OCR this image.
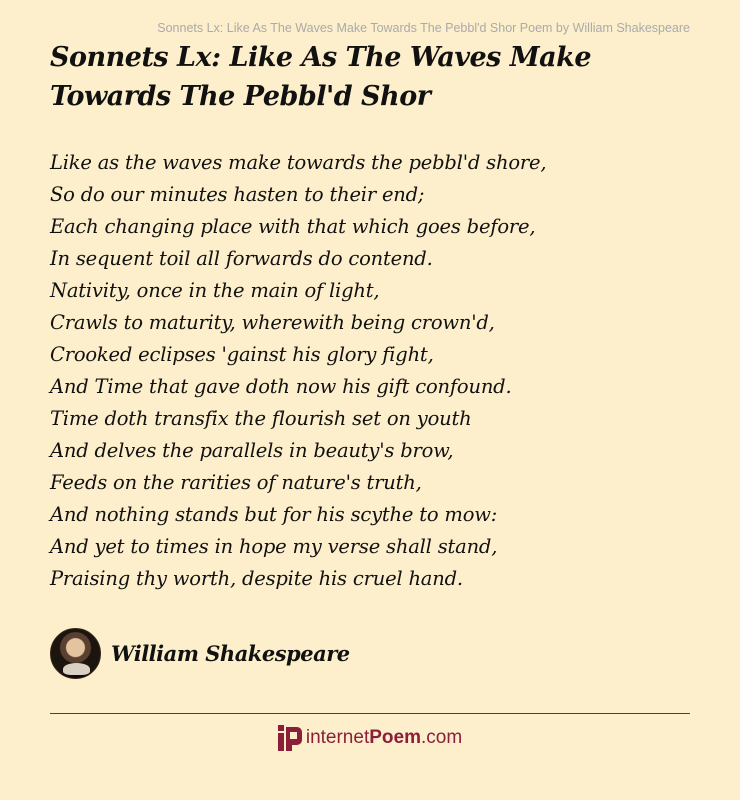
Sonnets Lx: Like As The Waves Make Towards The Pebbl'd Shor Poem by William Shakespeare
Sonnets Lx: Like As The Waves Make Towards The Pebbl'd Shor
Like as the waves make towards the pebbl'd shore,
So do our minutes hasten to their end;
Each changing place with that which goes before,
In sequent toil all forwards do contend.
Nativity, once in the main of light,
Crawls to maturity, wherewith being crown'd,
Crooked eclipses 'gainst his glory fight,
And Time that gave doth now his gift confound.
Time doth transfix the flourish set on youth
And delves the parallels in beauty's brow,
Feeds on the rarities of nature's truth,
And nothing stands but for his scythe to mow:
And yet to times in hope my verse shall stand,
Praising thy worth, despite his cruel hand.
William Shakespeare
internet Poem .com
